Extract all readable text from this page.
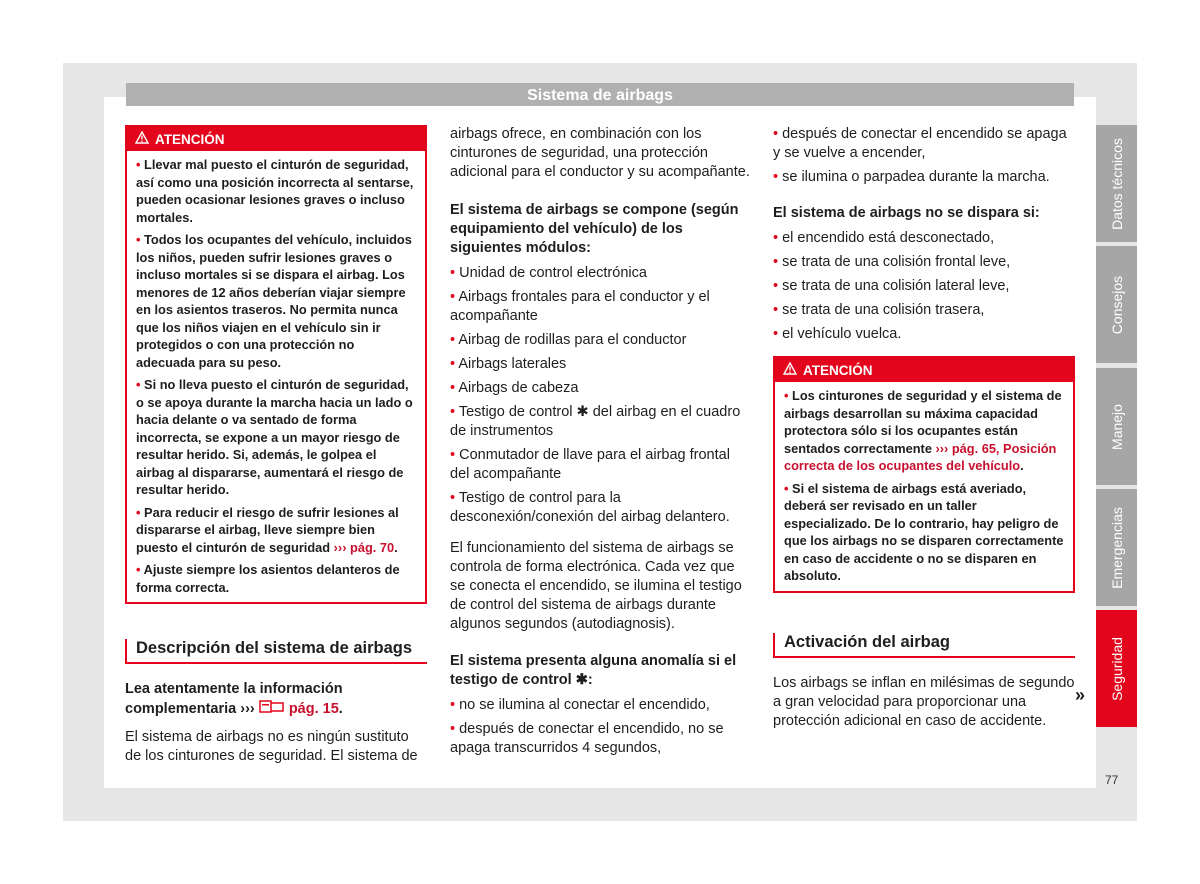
Sistema de airbags
ATENCIÓN

• Llevar mal puesto el cinturón de seguridad, así como una posición incorrecta al sentarse, pueden ocasionar lesiones graves o incluso mortales.

• Todos los ocupantes del vehículo, incluidos los niños, pueden sufrir lesiones graves o incluso mortales si se dispara el airbag. Los menores de 12 años deberían viajar siempre en los asientos traseros. No permita nunca que los niños viajen en el vehículo sin ir protegidos o con una protección no adecuada para su peso.

• Si no lleva puesto el cinturón de seguridad, o se apoya durante la marcha hacia un lado o hacia delante o va sentado de forma incorrecta, se expone a un mayor riesgo de resultar herido. Si, además, le golpea el airbag al dispararse, aumentará el riesgo de resultar herido.

• Para reducir el riesgo de sufrir lesiones al dispararse el airbag, lleve siempre bien puesto el cinturón de seguridad ››› pág. 70.

• Ajuste siempre los asientos delanteros de forma correcta.

Descripción del sistema de airbags

Lea atentamente la información complementaria ››› pág. 15.

El sistema de airbags no es ningún sustituto de los cinturones de seguridad. El sistema de

airbags ofrece, en combinación con los cinturones de seguridad, una protección adicional para el conductor y su acompañante.

El sistema de airbags se compone (según equipamiento del vehículo) de los siguientes módulos:

• Unidad de control electrónica

• Airbags frontales para el conductor y el acompañante

• Airbag de rodillas para el conductor

• Airbags laterales

• Airbags de cabeza

• Testigo de control ✱ del airbag en el cuadro de instrumentos

• Conmutador de llave para el airbag frontal del acompañante

• Testigo de control para la desconexión/conexión del airbag delantero.

El funcionamiento del sistema de airbags se controla de forma electrónica. Cada vez que se conecta el encendido, se ilumina el testigo de control del sistema de airbags durante algunos segundos (autodiagnosis).

El sistema presenta alguna anomalía si el testigo de control ✱:

• no se ilumina al conectar el encendido,

• después de conectar el encendido, no se apaga transcurridos 4 segundos,

• después de conectar el encendido se apaga y se vuelve a encender,

• se ilumina o parpadea durante la marcha.

El sistema de airbags no se dispara si:

• el encendido está desconectado,

• se trata de una colisión frontal leve,

• se trata de una colisión lateral leve,

• se trata de una colisión trasera,

• el vehículo vuelca.

ATENCIÓN

• Los cinturones de seguridad y el sistema de airbags desarrollan su máxima capacidad protectora sólo si los ocupantes están sentados correctamente ››› pág. 65, Posición correcta de los ocupantes del vehículo.

• Si el sistema de airbags está averiado, deberá ser revisado en un taller especializado. De lo contrario, hay peligro de que los airbags no se disparen correctamente en caso de accidente o no se disparen en absoluto.

Activación del airbag

Los airbags se inflan en milésimas de segundo a gran velocidad para proporcionar una protección adicional en caso de accidente.

»
Datos técnicos
Consejos
Manejo
Emergencias
Seguridad
77
